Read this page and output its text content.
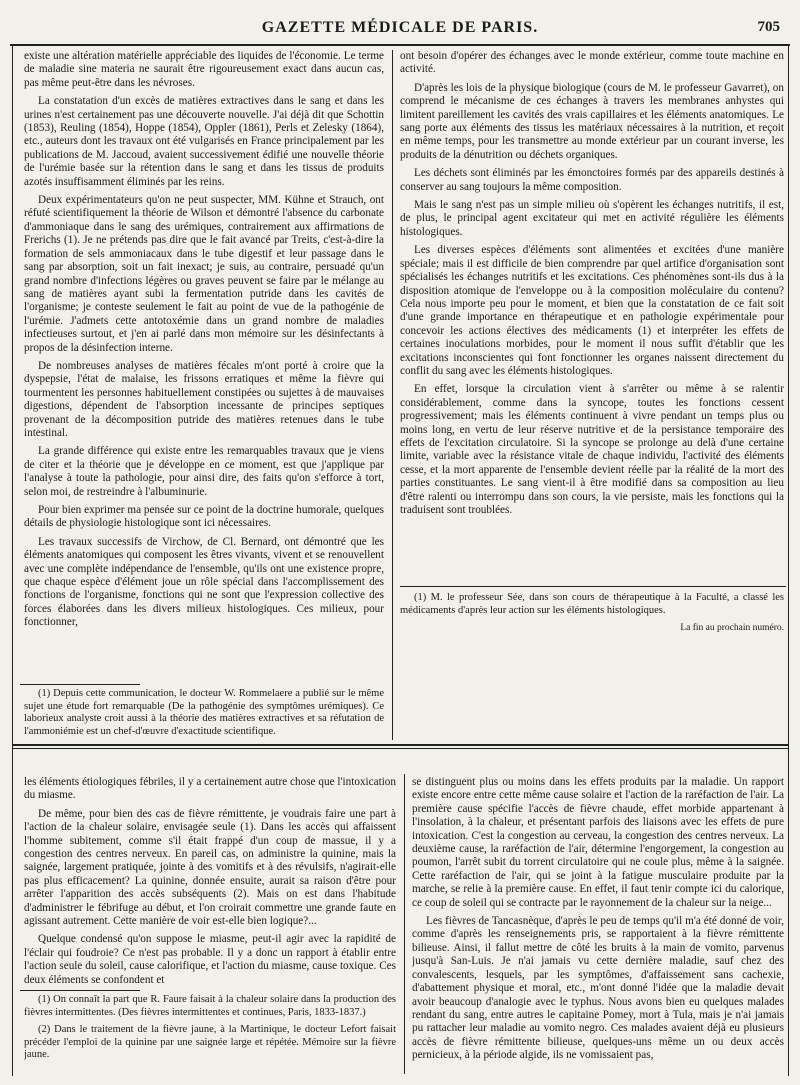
GAZETTE MÉDICALE DE PARIS.	705

existe une altération matérielle appréciable des liquides de l'économie. Le terme de maladie sine materia ne saurait être rigoureusement exact dans aucun cas, pas même peut-être dans les névroses.

La constatation d'un excès de matières extractives dans le sang et dans les urines n'est certainement pas une découverte nouvelle. J'ai déjà dit que Schottin (1853), Reuling (1854), Hoppe (1854), Oppler (1861), Perls et Zelesky (1864), etc., auteurs dont les travaux ont été vulgarisés en France principalement par les publications de M. Jaccoud, avaient successivement édifié une nouvelle théorie de l'urémie basée sur la rétention dans le sang et dans les tissus de produits azotés insuffisamment éliminés par les reins.

Deux expérimentateurs qu'on ne peut suspecter, MM. Kühne et Strauch, ont réfuté scientifiquement la théorie de Wilson et démontré l'absence du carbonate d'ammoniaque dans le sang des urémiques, contrairement aux affirmations de Frerichs (1). Je ne prétends pas dire que le fait avancé par Treits, c'est-à-dire la formation de sels ammoniacaux dans le tube digestif et leur passage dans le sang par absorption, soit un fait inexact; je suis, au contraire, persuadé qu'un grand nombre d'infections légères ou graves peuvent se faire par le mélange au sang de matières ayant subi la fermentation putride dans les cavités de l'organisme; je conteste seulement le fait au point de vue de la pathogénie de l'urémie. J'admets cette antotoxémie dans un grand nombre de maladies infectieuses surtout, et j'en ai parlé dans mon mémoire sur les désinfectants à propos de la désinfection interne.

De nombreuses analyses de matières fécales m'ont porté à croire que la dyspepsie, l'état de malaise, les frissons erratiques et même la fièvre qui tourmentent les personnes habituellement constipées ou sujettes à de mauvaises digestions, dépendent de l'absorption incessante de principes septiques provenant de la décomposition putride des matières retenues dans le tube intestinal.

La grande différence qui existe entre les remarquables travaux que je viens de citer et la théorie que je développe en ce moment, est que j'applique par l'analyse à toute la pathologie, pour ainsi dire, des faits qu'on s'efforce à tort, selon moi, de restreindre à l'albuminurie.

Pour bien exprimer ma pensée sur ce point de la doctrine humorale, quelques détails de physiologie histologique sont ici nécessaires.

Les travaux successifs de Virchow, de Cl. Bernard, ont démontré que les éléments anatomiques qui composent les êtres vivants, vivent et se renouvellent avec une complète indépendance de l'ensemble, qu'ils ont une existence propre, que chaque espèce d'élément joue un rôle spécial dans l'accomplissement des fonctions de l'organisme, fonctions qui ne sont que l'expression collective des forces élaborées dans les divers milieux histologiques. Ces milieux, pour fonctionner,

(1) Depuis cette communication, le docteur W. Rommelaere a publié sur le même sujet une étude fort remarquable (De la pathogénie des symptômes urémiques). Ce laborieux analyste croit aussi à la théorie des matières extractives et sa réfutation de l'ammoniémie est un chef-d'œuvre d'exactitude scientifique.

ont besoin d'opérer des échanges avec le monde extérieur, comme toute machine en activité.

D'après les lois de la physique biologique (cours de M. le professeur Gavarret), on comprend le mécanisme de ces échanges à travers les membranes anhystes qui limitent pareillement les cavités des vrais capillaires et les éléments anatomiques. Le sang porte aux éléments des tissus les matériaux nécessaires à la nutrition, et reçoit en même temps, pour les transmettre au monde extérieur par un courant inverse, les produits de la dénutrition ou déchets organiques.

Les déchets sont éliminés par les émonctoires formés par des appareils destinés à conserver au sang toujours la même composition.

Mais le sang n'est pas un simple milieu où s'opèrent les échanges nutritifs, il est, de plus, le principal agent excitateur qui met en activité régulière les éléments histologiques.

Les diverses espèces d'éléments sont alimentées et excitées d'une manière spéciale; mais il est difficile de bien comprendre par quel artifice d'organisation sont spécialisés les échanges nutritifs et les excitations. Ces phénomènes sont-ils dus à la disposition atomique de l'enveloppe ou à la composition moléculaire du contenu? Cela nous importe peu pour le moment, et bien que la constatation de ce fait soit d'une grande importance en thérapeutique et en pathologie expérimentale pour concevoir les actions électives des médicaments (1) et interpréter les effets de certaines inoculations morbides, pour le moment il nous suffit d'établir que les excitations inconscientes qui font fonctionner les organes naissent directement du conflit du sang avec les éléments histologiques.

En effet, lorsque la circulation vient à s'arrêter ou même à se ralentir considérablement, comme dans la syncope, toutes les fonctions cessent progressivement; mais les éléments continuent à vivre pendant un temps plus ou moins long, en vertu de leur réserve nutritive et de la persistance temporaire des effets de l'excitation circulatoire. Si la syncope se prolonge au delà d'une certaine limite, variable avec la résistance vitale de chaque individu, l'activité des éléments cesse, et la mort apparente de l'ensemble devient réelle par la réalité de la mort des parties constituantes. Le sang vient-il à être modifié dans sa composition au lieu d'être ralenti ou interrompu dans son cours, la vie persiste, mais les fonctions qui la traduisent sont troublées.

(1) M. le professeur Sée, dans son cours de thérapeutique à la Faculté, a classé les médicaments d'après leur action sur les éléments histologiques.

La fin au prochain numéro.

les éléments étiologiques fébriles, il y a certainement autre chose que l'intoxication du miasme.

De même, pour bien des cas de fièvre rémittente, je voudrais faire une part à l'action de la chaleur solaire, envisagée seule (1). Dans les accès qui affaissent l'homme subitement, comme s'il était frappé d'un coup de massue, il y a congestion des centres nerveux. En pareil cas, on administre la quinine, mais la saignée, largement pratiquée, jointe à des vomitifs et à des révulsifs, n'agirait-elle pas plus efficacement? La quinine, donnée ensuite, aurait sa raison d'être pour arrêter l'apparition des accès subséquents (2). Mais on est dans l'habitude d'administrer le fébrifuge au début, et l'on croirait commettre une grande faute en agissant autrement. Cette manière de voir est-elle bien logique?...

Quelque condensé qu'on suppose le miasme, peut-il agir avec la rapidité de l'éclair qui foudroie? Ce n'est pas probable. Il y a donc un rapport à établir entre l'action seule du soleil, cause calorifique, et l'action du miasme, cause toxique. Ces deux éléments se confondent et

(1) On connaît la part que R. Faure faisait à la chaleur solaire dans la production des fièvres intermittentes. (Des fièvres intermittentes et continues, Paris, 1833-1837.)

(2) Dans le traitement de la fièvre jaune, à la Martinique, le docteur Lefort faisait précéder l'emploi de la quinine par une saignée large et répétée. Mémoire sur la fièvre jaune.

se distinguent plus ou moins dans les effets produits par la maladie. Un rapport existe encore entre cette même cause solaire et l'action de la raréfaction de l'air. La première cause spécifie l'accès de fièvre chaude, effet morbide appartenant à l'insolation, à la chaleur, et présentant parfois des liaisons avec les effets de pure intoxication. C'est la congestion au cerveau, la congestion des centres nerveux. La deuxième cause, la raréfaction de l'air, détermine l'engorgement, la congestion au poumon, l'arrêt subit du torrent circulatoire qui ne coule plus, même à la saignée. Cette raréfaction de l'air, qui se joint à la fatigue musculaire produite par la marche, se relie à la première cause. En effet, il faut tenir compte ici du calorique, ce coup de soleil qui se contracte par le rayonnement de la chaleur sur la neige...

Les fièvres de Tancasnèque, d'après le peu de temps qu'il m'a été donné de voir, comme d'après les renseignements pris, se rapportaient à la fièvre rémittente bilieuse. Ainsi, il fallut mettre de côté les bruits à la main de vomito, parvenus jusqu'à San-Luis. Je n'ai jamais vu cette dernière maladie, sauf chez des convalescents, lesquels, par les symptômes, d'affaissement sans cachexie, d'abattement physique et moral, etc., m'ont donné l'idée que la maladie devait avoir beaucoup d'analogie avec le typhus. Nous avons bien eu quelques malades rendant du sang, entre autres le capitaine Pomey, mort à Tula, mais je n'ai jamais pu rattacher leur maladie au vomito negro. Ces malades avaient déjà eu plusieurs accès de fièvre rémittente bilieuse, quelques-uns même un ou deux accès pernicieux, à la période algide, ils ne vomissaient pas,
